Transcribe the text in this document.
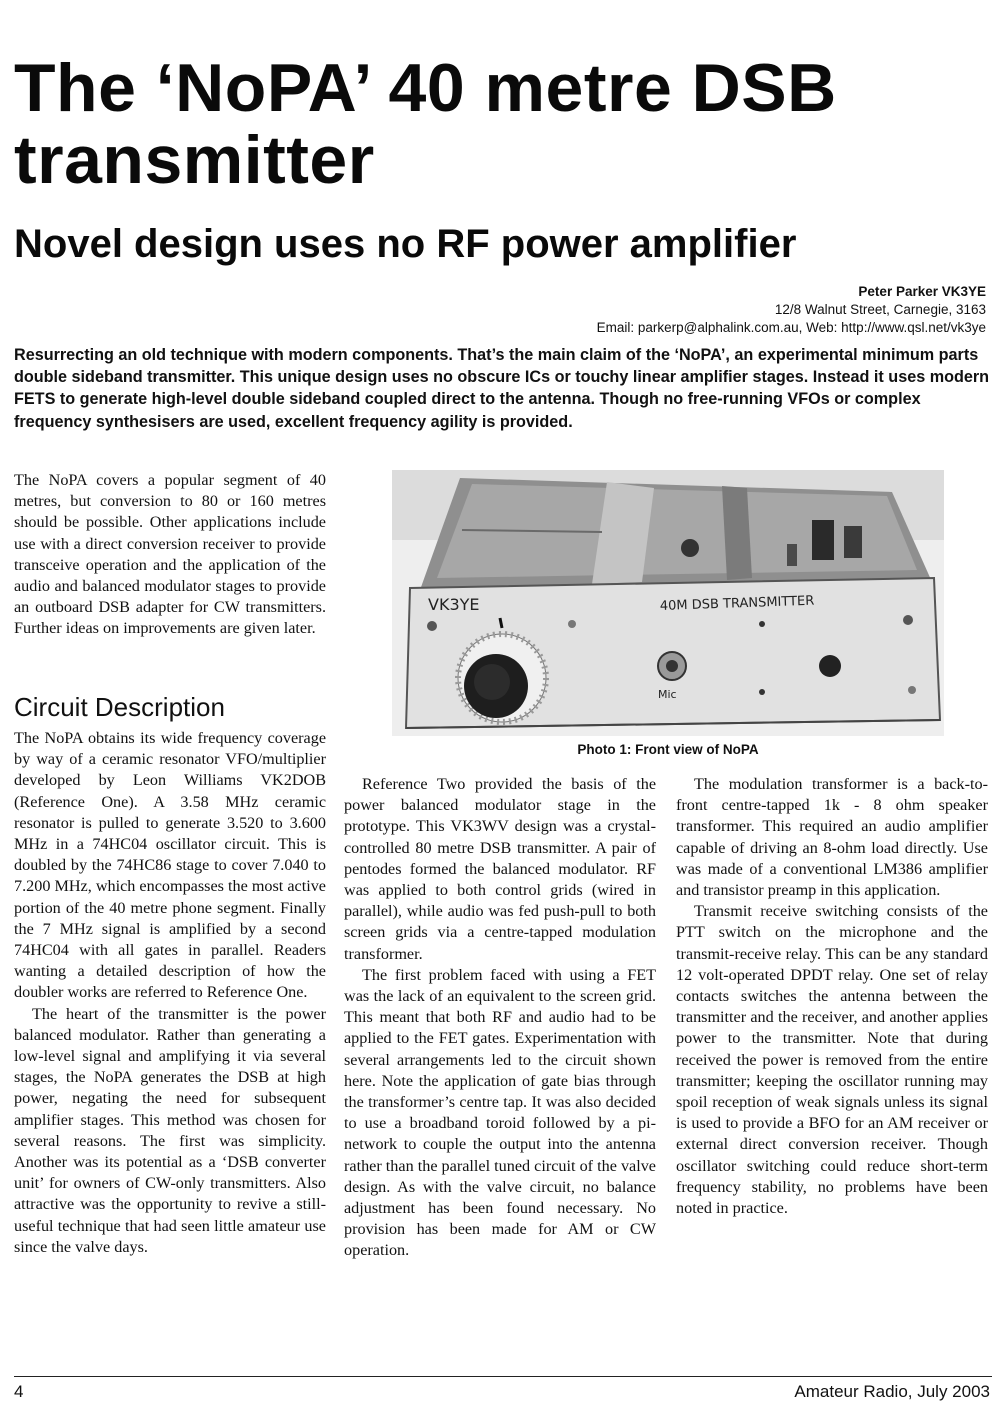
The ‘NoPA’ 40 metre DSB transmitter
Novel design uses no RF power amplifier
Peter Parker VK3YE
12/8 Walnut Street, Carnegie, 3163
Email: parkerp@alphalink.com.au, Web: http://www.qsl.net/vk3ye

Resurrecting an old technique with modern components. That’s the main claim of the ‘NoPA’, an experimental minimum parts double sideband transmitter. This unique design uses no obscure ICs or touchy linear amplifier stages. Instead it uses modern FETS to generate high-level double sideband coupled direct to the antenna. Though no free-running VFOs or complex frequency synthesisers are used, excellent frequency agility is provided.

The NoPA covers a popular segment of 40 metres, but conversion to 80 or 160 metres should be possible. Other applications include use with a direct conversion receiver to provide transceive operation and the application of the audio and balanced modulator stages to provide an outboard DSB adapter for CW transmitters. Further ideas on improvements are given later.

Circuit Description

The NoPA obtains its wide frequency coverage by way of a ceramic resonator VFO/multiplier developed by Leon Williams VK2DOB (Reference One). A 3.58 MHz ceramic resonator is pulled to generate 3.520 to 3.600 MHz in a 74HC04 oscillator circuit. This is doubled by the 74HC86 stage to cover 7.040 to 7.200 MHz, which encompasses the most active portion of the 40 metre phone segment. Finally the 7 MHz signal is amplified by a second 74HC04 with all gates in parallel. Readers wanting a detailed description of how the doubler works are referred to Reference One.

The heart of the transmitter is the power balanced modulator. Rather than generating a low-level signal and amplifying it via several stages, the NoPA generates the DSB at high power, negating the need for subsequent amplifier stages. This method was chosen for several reasons. The first was simplicity. Another was its potential as a ‘DSB converter unit’ for owners of CW-only transmitters. Also attractive was the opportunity to revive a still-useful technique that had seen little amateur use since the valve days.

Reference Two provided the basis of the power balanced modulator stage in the prototype. This VK3WV design was a crystal-controlled 80 metre DSB transmitter. A pair of pentodes formed the balanced modulator. RF was applied to both control grids (wired in parallel), while audio was fed push-pull to both screen grids via a centre-tapped modulation transformer.

The first problem faced with using a FET was the lack of an equivalent to the screen grid. This meant that both RF and audio had to be applied to the FET gates. Experimentation with several arrangements led to the circuit shown here. Note the application of gate bias through the transformer’s centre tap. It was also decided to use a broadband toroid followed by a pi-network to couple the output into the antenna rather than the parallel tuned circuit of the valve design. As with the valve circuit, no balance adjustment has been found necessary. No provision has been made for AM or CW operation.

The modulation transformer is a back-to-front centre-tapped 1k - 8 ohm speaker transformer. This required an audio amplifier capable of driving an 8-ohm load directly. Use was made of a conventional LM386 amplifier and transistor preamp in this application.

Transmit receive switching consists of the PTT switch on the microphone and the transmit-receive relay. This can be any standard 12 volt-operated DPDT relay. One set of relay contacts switches the antenna between the transmitter and the receiver, and another applies power to the transmitter. Note that during received the power is removed from the entire transmitter; keeping the oscillator running may spoil reception of weak signals unless its signal is used to provide a BFO for an AM receiver or external direct conversion receiver. Though oscillator switching could reduce short-term frequency stability, no problems have been noted in practice.

VK3YE	40M DSB TRANSMITTER
Mic
Photo 1: Front view of NoPA
4	Amateur Radio, July 2003
